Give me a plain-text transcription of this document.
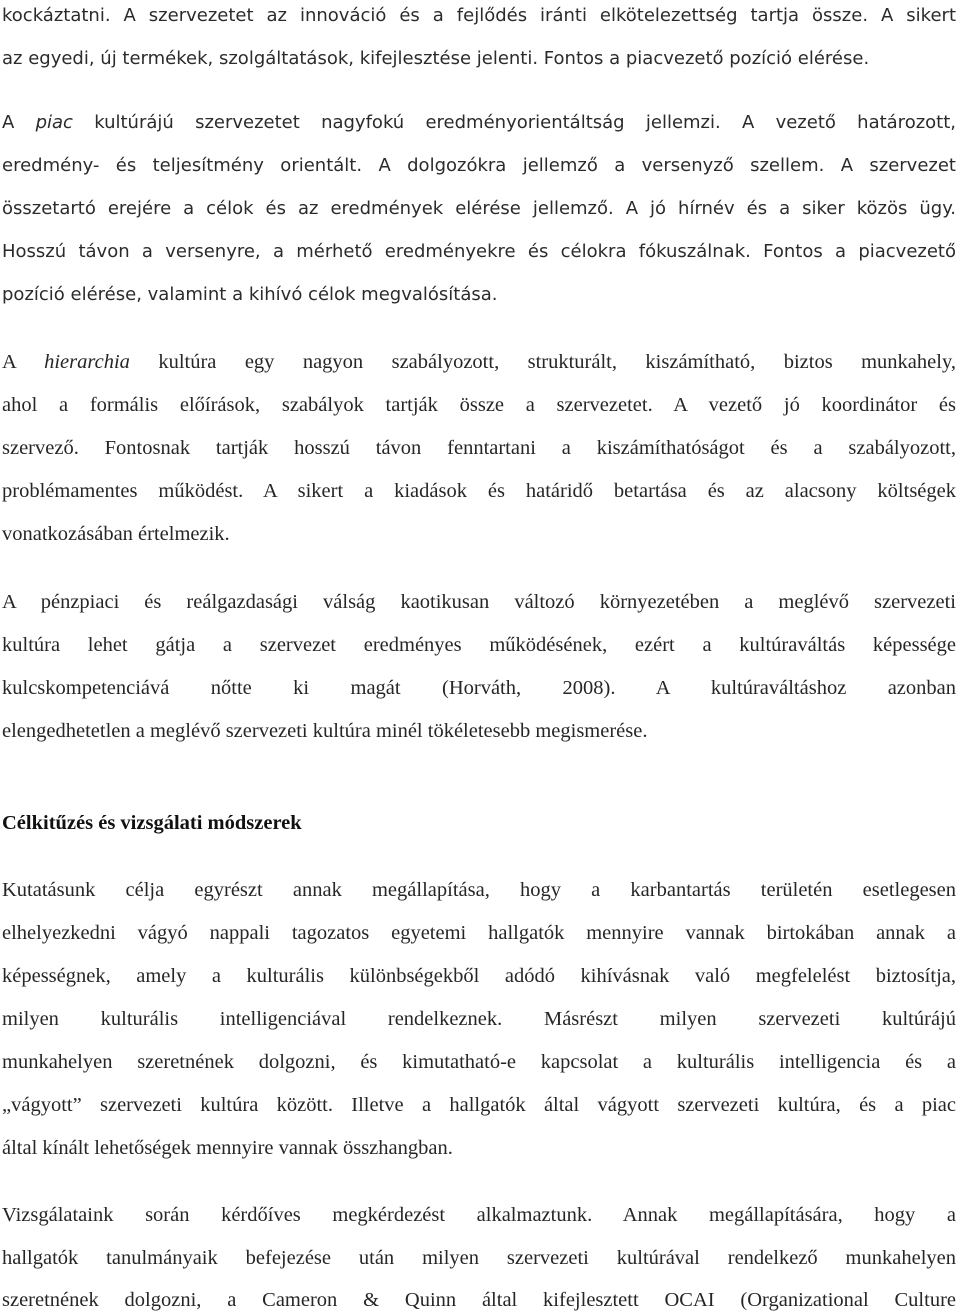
kockáztatni. A szervezetet az innováció és a fejlődés iránti elkötelezettség tartja össze. A sikert

az egyedi, új termékek, szolgáltatások, kifejlesztése jelenti. Fontos a piacvezető pozíció elérése.

A piac kultúrájú szervezetet nagyfokú eredményorientáltság jellemzi. A vezető határozott,

eredmény- és teljesítmény orientált. A dolgozókra jellemző a versenyző szellem. A szervezet

összetartó erejére a célok és az eredmények elérése jellemző. A jó hírnév és a siker közös ügy.

Hosszú távon a versenyre, a mérhető eredményekre és célokra fókuszálnak. Fontos a piacvezető

pozíció elérése, valamint a kihívó célok megvalósítása.

A hierarchia kultúra egy nagyon szabályozott, strukturált, kiszámítható, biztos munkahely,

ahol a formális előírások, szabályok tartják össze a szervezetet. A vezető jó koordinátor és

szervező. Fontosnak tartják hosszú távon fenntartani a kiszámíthatóságot és a szabályozott,

problémamentes működést. A sikert a kiadások és határidő betartása és az alacsony költségek

vonatkozásában értelmezik.

A pénzpiaci és reálgazdasági válság kaotikusan változó környezetében a meglévő szervezeti

kultúra lehet gátja a szervezet eredményes működésének, ezért a kultúraváltás képessége

kulcskompetenciává nőtte ki magát (Horváth, 2008). A kultúraváltáshoz azonban

elengedhetetlen a meglévő szervezeti kultúra minél tökéletesebb megismerése.

Célkitűzés és vizsgálati módszerek

Kutatásunk célja egyrészt annak megállapítása, hogy a karbantartás területén esetlegesen

elhelyezkedni vágyó nappali tagozatos egyetemi hallgatók mennyire vannak birtokában annak a

képességnek, amely a kulturális különbségekből adódó kihívásnak való megfelelést biztosítja,

milyen kulturális intelligenciával rendelkeznek. Másrészt milyen szervezeti kultúrájú

munkahelyen szeretnének dolgozni, és kimutatható-e kapcsolat a kulturális intelligencia és a

„vágyott” szervezeti kultúra között. Illetve a hallgatók által vágyott szervezeti kultúra, és a piac

által kínált lehetőségek mennyire vannak összhangban.

Vizsgálataink során kérdőíves megkérdezést alkalmaztunk. Annak megállapítására, hogy a

hallgatók tanulmányaik befejezése után milyen szervezeti kultúrával rendelkező munkahelyen

szeretnének dolgozni, a Cameron & Quinn által kifejlesztett OCAI (Organizational Culture
